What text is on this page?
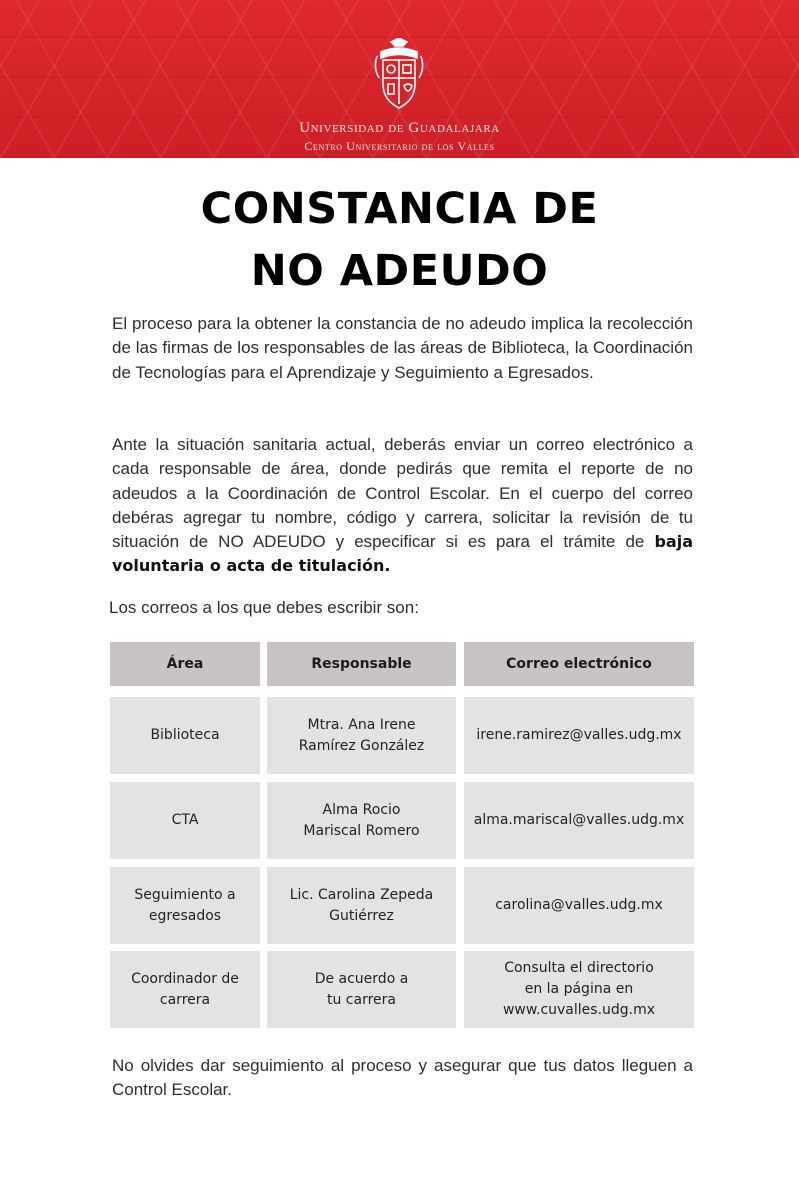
Universidad de Guadalajara
Centro Universitario de los Valles
CONSTANCIA DE
NO ADEUDO
El proceso para la obtener la constancia de no adeudo implica la recolección de las firmas de los responsables de las áreas de Biblioteca, la Coordinación de Tecnologías para el Aprendizaje y Seguimiento a Egresados.
Ante la situación sanitaria actual, deberás enviar un correo electrónico a cada responsable de área, donde pedirás que remita el reporte de no adeudos a la Coordinación de Control Escolar. En el cuerpo del correo debéras agregar tu nombre, código y carrera, solicitar la revisión de tu situación de NO ADEUDO y especificar si es para el trámite de baja voluntaria o acta de titulación.
Los correos a los que debes escribir son:
Área	Responsable	Correo electrónico
Biblioteca
Mtra. Ana Irene
Ramírez González
irene.ramirez@valles.udg.mx
CTA
Alma Rocio
Mariscal Romero
alma.mariscal@valles.udg.mx
Seguimiento a
egresados
Lic. Carolina Zepeda
Gutiérrez
carolina@valles.udg.mx
Coordinador de
carrera
De acuerdo a
tu carrera
Consulta el directorio
en la página en
www.cuvalles.udg.mx
No olvides dar seguimiento al proceso y asegurar que tus datos lleguen a Control Escolar.
